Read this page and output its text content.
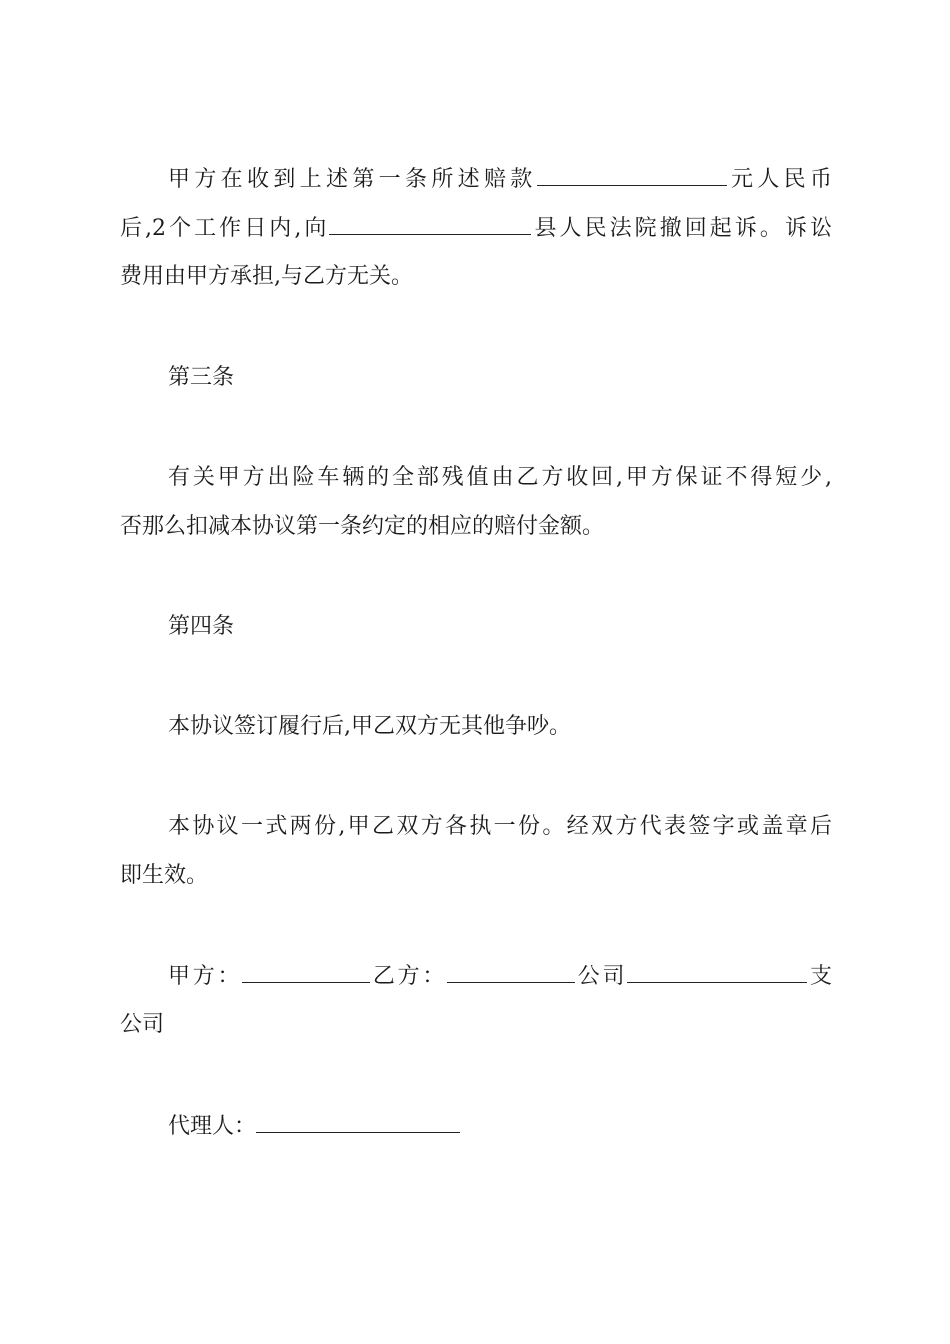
甲方在收到上述第一条所述赔款	元人民币
后,2个工作日内,向	县人民法院撤回起诉。诉讼
费用由甲方承担,与乙方无关。
第三条
有关甲方出险车辆的全部残值由乙方收回,甲方保证不得短少,
否那么扣减本协议第一条约定的相应的赔付金额。
第四条
本协议签订履行后,甲乙双方无其他争吵。
本协议一式两份,甲乙双方各执一份。经双方代表签字或盖章后
即生效。
甲方：	乙方：	公司	支
公司
代理人：
